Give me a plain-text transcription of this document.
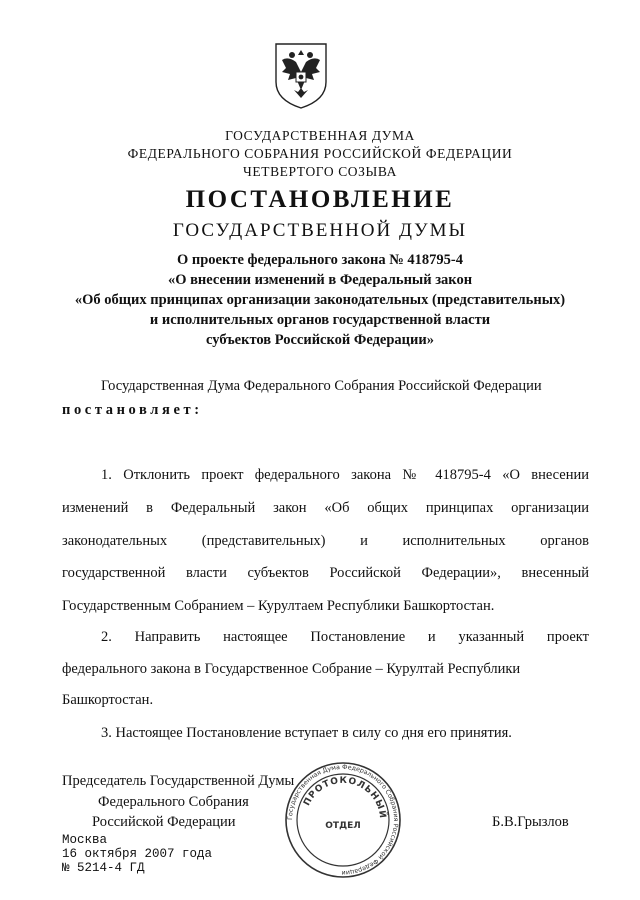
ГОСУДАРСТВЕННАЯ ДУМА
ФЕДЕРАЛЬНОГО СОБРАНИЯ РОССИЙСКОЙ ФЕДЕРАЦИИ
ЧЕТВЕРТОГО СОЗЫВА
ПОСТАНОВЛЕНИЕ
ГОСУДАРСТВЕННОЙ ДУМЫ
О проекте федерального закона № 418795-4
«О внесении изменений в Федеральный закон
«Об общих принципах организации законодательных (представительных)
и исполнительных органов государственной власти
субъектов Российской Федерации»
Государственная Дума Федерального Собрания Российской Федерации
постановляет:
1. Отклонить проект федерального закона № 418795-4 «О внесении
изменений в Федеральный закон «Об общих принципах организации
законодательных (представительных) и исполнительных органов
государственной власти субъектов Российской Федерации», внесенный
Государственным Собранием – Курултаем Республики Башкортостан.
2. Направить настоящее Постановление и указанный проект
федерального закона в Государственное Собрание – Курултай Республики
Башкортостан.
3. Настоящее Постановление вступает в силу со дня его принятия.
Председатель Государственной Думы
Федерального Собрания
Российской Федерации	Б.В.Грызлов
Государственная Дума Федерального Собрания Российской Федерации
ПРОТОКОЛЬНЫЙ
ОТДЕЛ
Москва
16 октября 2007 года
№ 5214-4 ГД
